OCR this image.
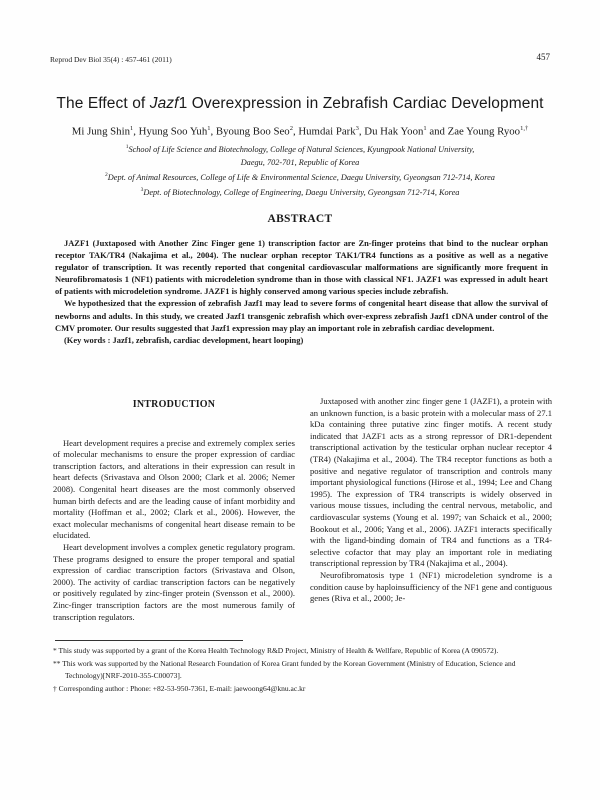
Reprod Dev Biol 35(4) : 457-461 (2011)	457
The Effect of Jazf1 Overexpression in Zebrafish Cardiac Development
Mi Jung Shin$^1$, Hyung Soo Yuh$^1$, Byoung Boo Seo$^2$, Humdai Park$^3$, Du Hak Yoon$^1$ and Zae Young Ryoo$^{1,\dagger}$
$^1$School of Life Science and Biotechnology, College of Natural Sciences, Kyungpook National University,
Daegu, 702-701, Republic of Korea
$^2$Dept. of Animal Resources, College of Life & Environmental Science, Daegu University, Gyeongsan 712-714, Korea
$^3$Dept. of Biotechnology, College of Engineering, Daegu University, Gyeongsan 712-714, Korea
ABSTRACT

JAZF1 (Juxtaposed with Another Zinc Finger gene 1) transcription factor are Zn-finger proteins that bind to the nuclear orphan receptor TAK/TR4 (Nakajima et al., 2004). The nuclear orphan receptor TAK1/TR4 functions as a positive as well as a negative regulator of transcription. It was recently reported that congenital cardiovascular malformations are significantly more frequent in Neurofibromatosis 1 (NF1) patients with microdeletion syndrome than in those with classical NF1. JAZF1 was expressed in adult heart of patients with microdeletion syndrome. JAZF1 is highly conserved among various species include zebrafish.

We hypothesized that the expression of zebrafish Jazf1 may lead to severe forms of congenital heart disease that allow the survival of newborns and adults. In this study, we created Jazf1 transgenic zebrafish which over-express zebrafish Jazf1 cDNA under control of the CMV promoter. Our results suggested that Jazf1 expression may play an important role in zebrafish cardiac development.

(Key words : Jazf1, zebrafish, cardiac development, heart looping)

INTRODUCTION

Heart development requires a precise and extremely complex series of molecular mechanisms to ensure the proper expression of cardiac transcription factors, and alterations in their expression can result in heart defects (Srivastava and Olson 2000; Clark et al. 2006; Nemer 2008). Congenital heart diseases are the most commonly observed human birth defects and are the leading cause of infant morbidity and mortality (Hoffman et al., 2002; Clark et al., 2006). However, the exact molecular mechanisms of congenital heart disease remain to be elucidated.

Heart development involves a complex genetic regulatory program. These programs designed to ensure the proper temporal and spatial expression of cardiac transcription factors (Srivastava and Olson, 2000). The activity of cardiac transcription factors can be negatively or positively regulated by zinc-finger protein (Svensson et al., 2000). Zinc-finger transcription factors are the most numerous family of transcription regulators.

Juxtaposed with another zinc finger gene 1 (JAZF1), a protein with an unknown function, is a basic protein with a molecular mass of 27.1 kDa containing three putative zinc finger motifs. A recent study indicated that JAZF1 acts as a strong repressor of DR1-dependent transcriptional activation by the testicular orphan nuclear receptor 4 (TR4) (Nakajima et al., 2004). The TR4 receptor functions as both a positive and negative regulator of transcription and controls many important physiological functions (Hirose et al., 1994; Lee and Chang 1995). The expression of TR4 transcripts is widely observed in various mouse tissues, including the central nervous, metabolic, and cardiovascular systems (Young et al. 1997; van Schaick et al., 2000; Bookout et al., 2006; Yang et al., 2006). JAZF1 interacts specifically with the ligand-binding domain of TR4 and functions as a TR4-selective cofactor that may play an important role in mediating transcriptional repression by TR4 (Nakajima et al., 2004).

Neurofibromatosis type 1 (NF1) microdeletion syndrome is a condition cause by haploinsufficiency of the NF1 gene and contiguous genes (Riva et al., 2000; Je-

* This study was supported by a grant of the Korea Health Technology R&D Project, Ministry of Health & Wellfare, Republic of Korea (A 090572).

** This work was supported by the National Research Foundation of Korea Grant funded by the Korean Government (Ministry of Education, Science and Technology)[NRF-2010-355-C00073].

† Corresponding author : Phone: +82-53-950-7361, E-mail: jaewoong64@knu.ac.kr
